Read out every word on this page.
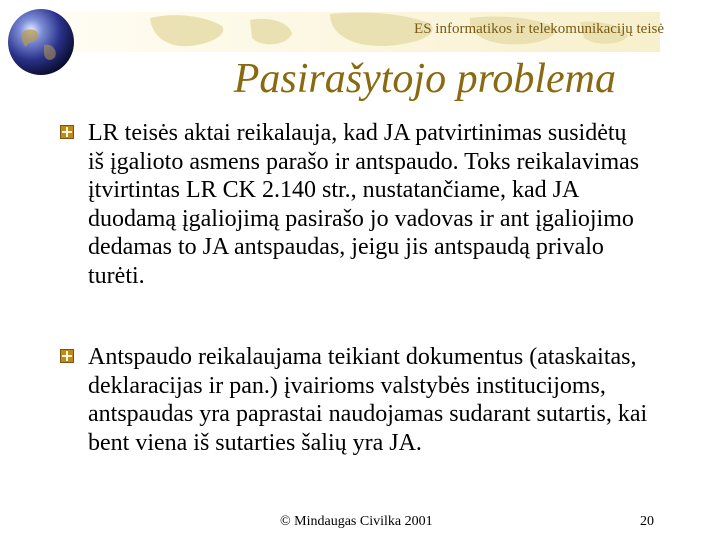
ES informatikos ir telekomunikacijų teisė
Pasirašytojo problema
LR teisės aktai reikalauja, kad JA patvirtinimas susidėtų iš įgalioto asmens parašo ir antspaudo. Toks reikalavimas įtvirtintas LR CK 2.140 str., nustatančiame, kad JA duodamą įgaliojimą pasirašo jo vadovas ir ant įgaliojimo dedamas to JA antspaudas, jeigu jis antspaudą privalo turėti.
Antspaudo reikalaujama teikiant dokumentus (ataskaitas, deklaracijas ir pan.) įvairioms valstybės institucijoms, antspaudas yra paprastai naudojamas sudarant sutartis, kai bent viena iš sutarties šalių yra JA.
© Mindaugas Civilka 2001	20
